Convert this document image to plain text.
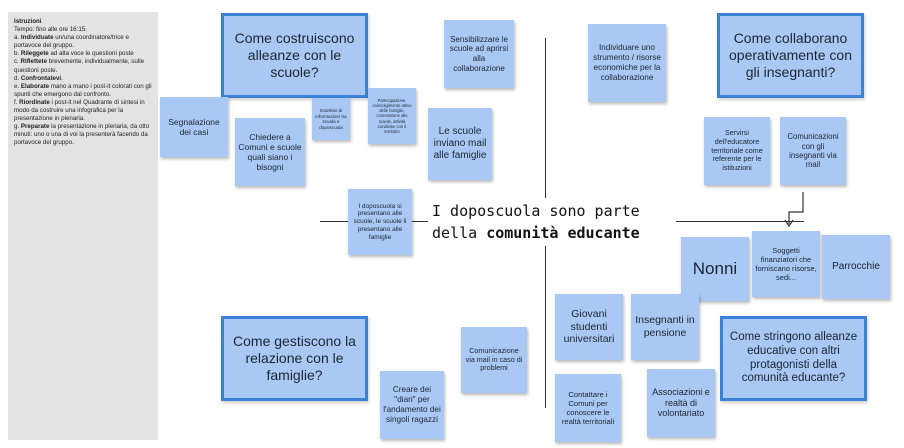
Istruzioni

Tempo: fino alle ore 16:15.

a. Individuate un/una coordinatore/trice e portavoce del gruppo.

b. Rileggete ad alta voce le questioni poste

c. Riflettete brevemente, individualmente, sulle questioni poste.

d. Confrontatevi.

e. Elaborate mano a mano i post-it colorati con gli spunti che emergono dal confronto.

f. Riordinate i post-it nel Quadrante di sintesi in modo da costruire una infografica per la presentazione in plenaria.

g. Preparate la presentazione in plenaria, da otto minuti: uno o una di voi la presenterà facendo da portavoce del gruppo.

I doposcuola sono parte
della comunità educante
Come costruiscono alleanze con le scuole?
Come collaborano operativamente con gli insegnanti?
Come gestiscono la relazione con le famiglie?
Come stringono alleanze educative con altri protagonisti della comunità educante?
Sensibilizzare le scuole ad aprirsi alla collaborazione
Segnalazione dei casi	Chiedere a Comuni e scuole quali siano i bisogni
Scambio di informazioni tra scuola e doposcuola
Partecipazione, coinvolgimento attivo delle famiglie, connessione alle scuole, attività condivise con il territorio	Le scuole inviano mail alle famiglie
I doposcuola si presentano alle scuole, le scuole li presentano alle famiglie
Individuare uno strumento / risorse economiche per la collaborazione
Servirsi dell'educatore territoriale come referente per le istituzioni
Comunicazioni con gli insegnanti via mail
Nonni
Soggetti finanziatori che forniscano risorse, sedi...
Parrocchie
Giovani studenti universitari
Insegnanti in pensione
Contattare i Comuni per conoscere le realtà territoriali
Associazioni e realtà di volontariato
Comunicazione via mail in caso di problemi
Creare dei "diari" per l'andamento dei singoli ragazzi
